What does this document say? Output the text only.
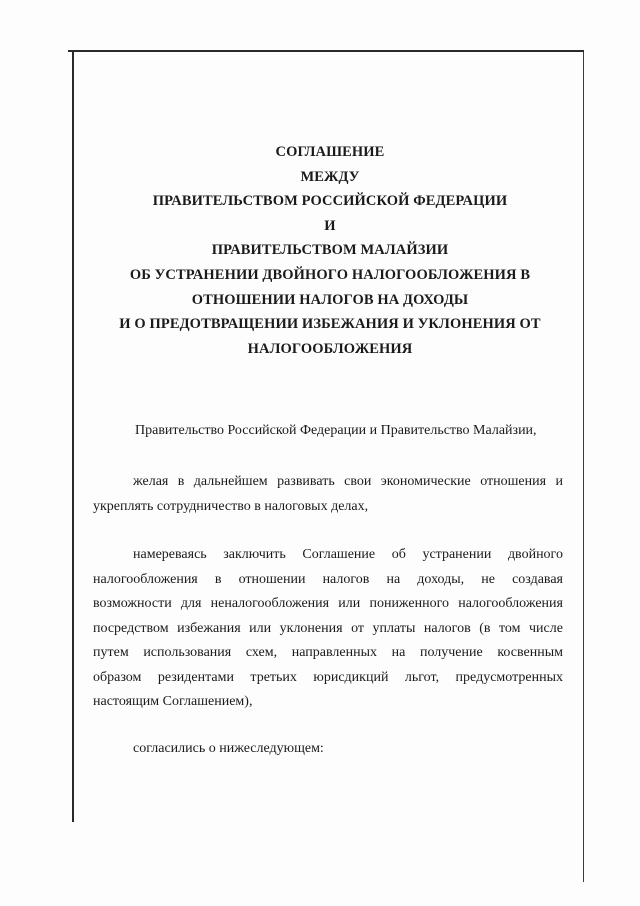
СОГЛАШЕНИЕ
МЕЖДУ
ПРАВИТЕЛЬСТВОМ РОССИЙСКОЙ ФЕДЕРАЦИИ
И
ПРАВИТЕЛЬСТВОМ МАЛАЙЗИИ
ОБ УСТРАНЕНИИ ДВОЙНОГО НАЛОГООБЛОЖЕНИЯ В
ОТНОШЕНИИ НАЛОГОВ НА ДОХОДЫ
И О ПРЕДОТВРАЩЕНИИ ИЗБЕЖАНИЯ И УКЛОНЕНИЯ ОТ
НАЛОГООБЛОЖЕНИЯ
Правительство Российской Федерации и Правительство Малайзии,
желая в дальнейшем развивать свои экономические отношения и
укреплять сотрудничество в налоговых делах,
намереваясь заключить Соглашение об устранении двойного
налогообложения в отношении налогов на доходы, не создавая
возможности для неналогообложения или пониженного налогообложения
посредством избежания или уклонения от уплаты налогов (в том числе
путем использования схем, направленных на получение косвенным
образом резидентами третьих юрисдикций льгот, предусмотренных
настоящим Соглашением),
согласились о нижеследующем:
